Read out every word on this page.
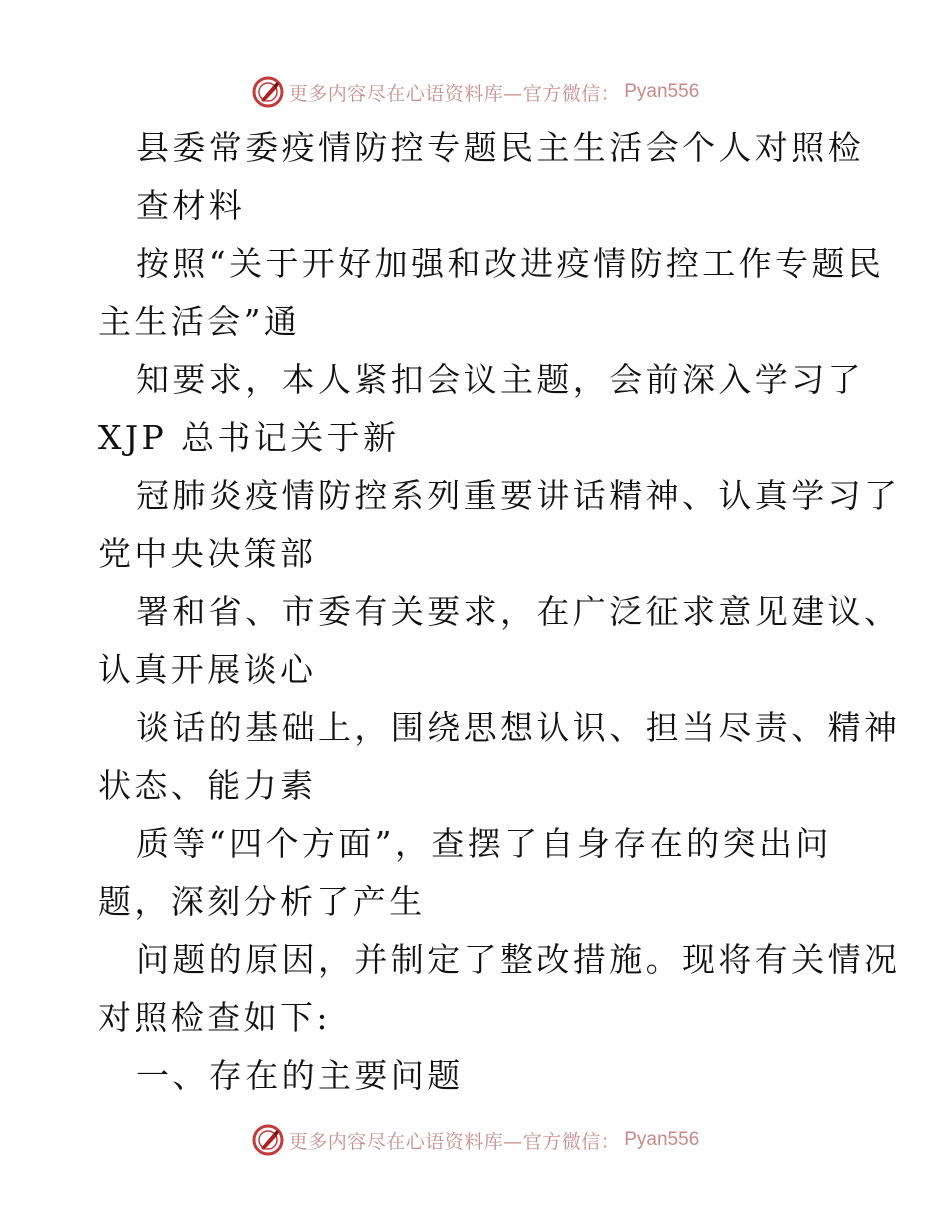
更多内容尽在心语资料库—官方微信： Pyan556
县委常委疫情防控专题民主生活会个人对照检
查材料
按照“关于开好加强和改进疫情防控工作专题民
主生活会”通
知要求，本人紧扣会议主题，会前深入学习了
XJP 总书记关于新
冠肺炎疫情防控系列重要讲话精神、认真学习了
党中央决策部
署和省、市委有关要求，在广泛征求意见建议、
认真开展谈心
谈话的基础上，围绕思想认识、担当尽责、精神
状态、能力素
质等“四个方面”，查摆了自身存在的突出问
题，深刻分析了产生
问题的原因，并制定了整改措施。现将有关情况
对照检查如下:
一、存在的主要问题
更多内容尽在心语资料库—官方微信： Pyan556
